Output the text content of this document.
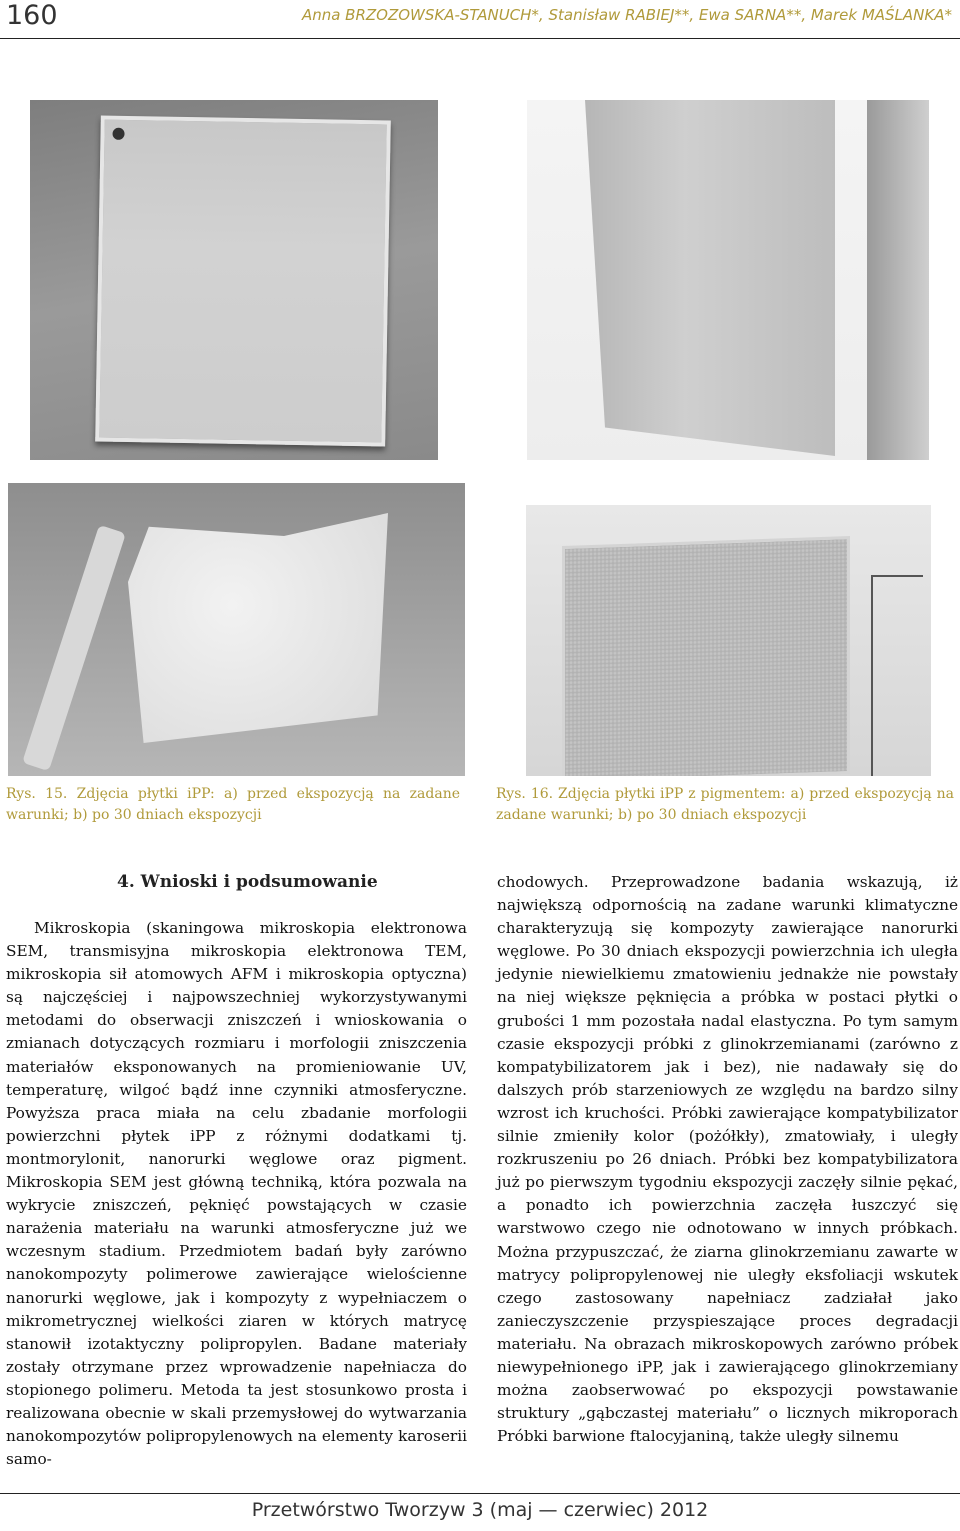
160	Anna BRZOZOWSKA-STANUCH*, Stanisław RABIEJ**, Ewa SARNA**, Marek MAŚLANKA*
Rys. 15. Zdjęcia płytki iPP: a) przed ekspozycją na zadane warunki; b) po 30 dniach ekspozycji
Rys. 16. Zdjęcia płytki iPP z pigmentem: a) przed ekspozycją na zadane warunki; b) po 30 dniach ekspozycji
4. Wnioski i podsumowanie
Mikroskopia (skaningowa mikroskopia elektronowa SEM, transmisyjna mikroskopia elektronowa TEM, mikroskopia sił atomowych AFM i mikroskopia optyczna) są najczęściej i najpowszechniej wykorzystywanymi metodami do obserwacji zniszczeń i wnioskowania o zmianach dotyczących rozmiaru i morfologii zniszczenia materiałów eksponowanych na promieniowanie UV, temperaturę, wilgoć bądź inne czynniki atmosferyczne. Powyższa praca miała na celu zbadanie morfologii powierzchni płytek iPP z różnymi dodatkami tj. montmorylonit, nanorurki węglowe oraz pigment. Mikroskopia SEM jest główną techniką, która pozwala na wykrycie zniszczeń, pęknięć powstających w czasie narażenia materiału na warunki atmosferyczne już we wczesnym stadium. Przedmiotem badań były zarówno nanokompozyty polimerowe zawierające wielościenne nanorurki węglowe, jak i kompozyty z wypełniaczem o mikrometrycznej wielkości ziaren w których matrycę stanowił izotaktyczny polipropylen. Badane materiały zostały otrzymane przez wprowadzenie napełniacza do stopionego polimeru. Metoda ta jest stosunkowo prosta i realizowana obecnie w skali przemysłowej do wytwarzania nanokompozytów polipropylenowych na elementy karoserii samo-
chodowych. Przeprowadzone badania wskazują, iż największą odpornością na zadane warunki klimatyczne charakteryzują się kompozyty zawierające nanorurki węglowe. Po 30 dniach ekspozycji powierzchnia ich uległa jedynie niewielkiemu zmatowieniu jednakże nie powstały na niej większe pęknięcia a próbka w postaci płytki o grubości 1 mm pozostała nadal elastyczna. Po tym samym czasie ekspozycji próbki z glinokrzemianami (zarówno z kompatybilizatorem jak i bez), nie nadawały się do dalszych prób starzeniowych ze względu na bardzo silny wzrost ich kruchości. Próbki zawierające kompatybilizator silnie zmieniły kolor (pożółkły), zmatowiały, i uległy rozkruszeniu po 26 dniach. Próbki bez kompatybilizatora już po pierwszym tygodniu ekspozycji zaczęły silnie pękać, a ponadto ich powierzchnia zaczęła łuszczyć się warstwowo czego nie odnotowano w innych próbkach. Można przypuszczać, że ziarna glinokrzemianu zawarte w matrycy polipropylenowej nie uległy eksfoliacji wskutek czego zastosowany napełniacz zadziałał jako zanieczyszczenie przyspieszające proces degradacji materiału. Na obrazach mikroskopowych zarówno próbek niewypełnionego iPP, jak i zawierającego glinokrzemiany można zaobserwować po ekspozycji powstawanie struktury „gąbczastej materiału” o licznych mikroporach Próbki barwione ftalocyjaniną, także uległy silnemu
Przetwórstwo Tworzyw 3 (maj — czerwiec) 2012
